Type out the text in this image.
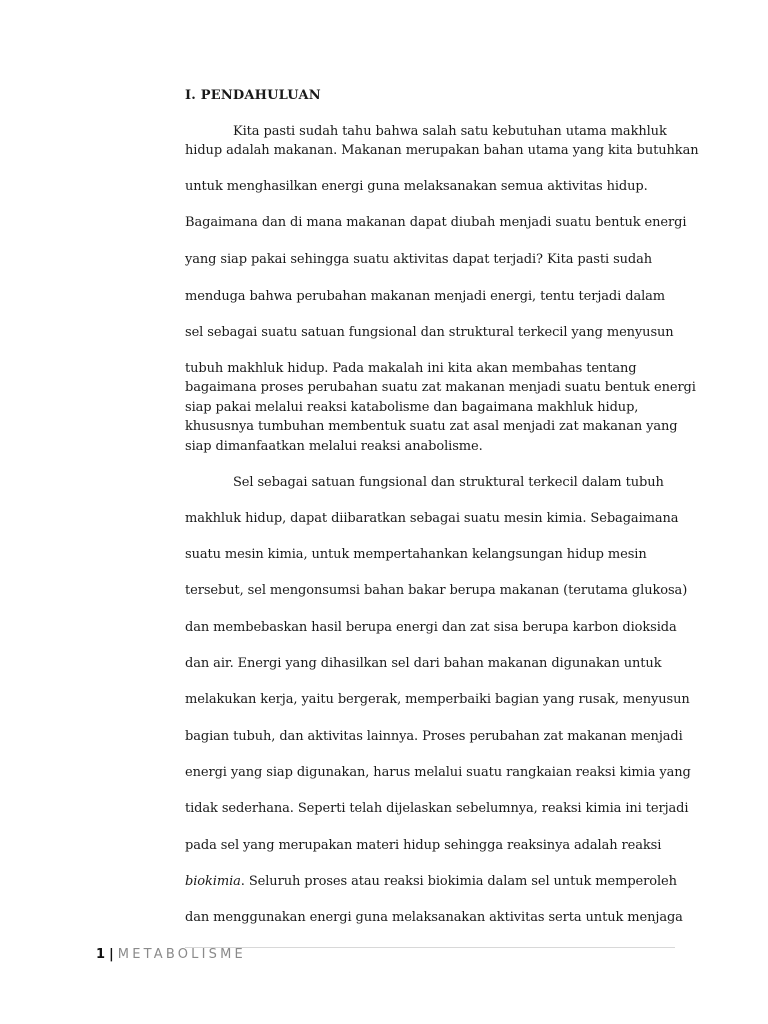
I. PENDAHULUAN
Kita pasti sudah tahu bahwa salah satu kebutuhan utama makhluk
hidup adalah makanan. Makanan merupakan bahan utama yang kita butuhkan
untuk menghasilkan energi guna melaksanakan semua aktivitas hidup.
Bagaimana dan di mana makanan dapat diubah menjadi suatu bentuk energi
yang siap pakai sehingga suatu aktivitas dapat terjadi? Kita pasti sudah
menduga bahwa perubahan makanan menjadi energi, tentu terjadi dalam
sel sebagai suatu satuan fungsional dan struktural terkecil yang menyusun
tubuh makhluk hidup. Pada makalah ini kita akan membahas tentang
bagaimana proses perubahan suatu zat makanan menjadi suatu bentuk energi
siap pakai melalui reaksi katabolisme dan bagaimana makhluk hidup,
khususnya tumbuhan membentuk suatu zat asal menjadi zat makanan yang
siap dimanfaatkan melalui reaksi anabolisme.
Sel sebagai satuan fungsional dan struktural terkecil dalam tubuh
makhluk hidup, dapat diibaratkan sebagai suatu mesin kimia. Sebagaimana
suatu mesin kimia, untuk mempertahankan kelangsungan hidup mesin
tersebut, sel mengonsumsi bahan bakar berupa makanan (terutama glukosa)
dan membebaskan hasil berupa energi dan zat sisa berupa karbon dioksida
dan air. Energi yang dihasilkan sel dari bahan makanan digunakan untuk
melakukan kerja, yaitu bergerak, memperbaiki bagian yang rusak, menyusun
bagian tubuh, dan aktivitas lainnya. Proses perubahan zat makanan menjadi
energi yang siap digunakan, harus melalui suatu rangkaian reaksi kimia yang
tidak sederhana. Seperti telah dijelaskan sebelumnya, reaksi kimia ini terjadi
pada sel yang merupakan materi hidup sehingga reaksinya adalah reaksi
biokimia. Seluruh proses atau reaksi biokimia dalam sel untuk memperoleh
dan menggunakan energi guna melaksanakan aktivitas serta untuk menjaga
1 | METABOLISME
